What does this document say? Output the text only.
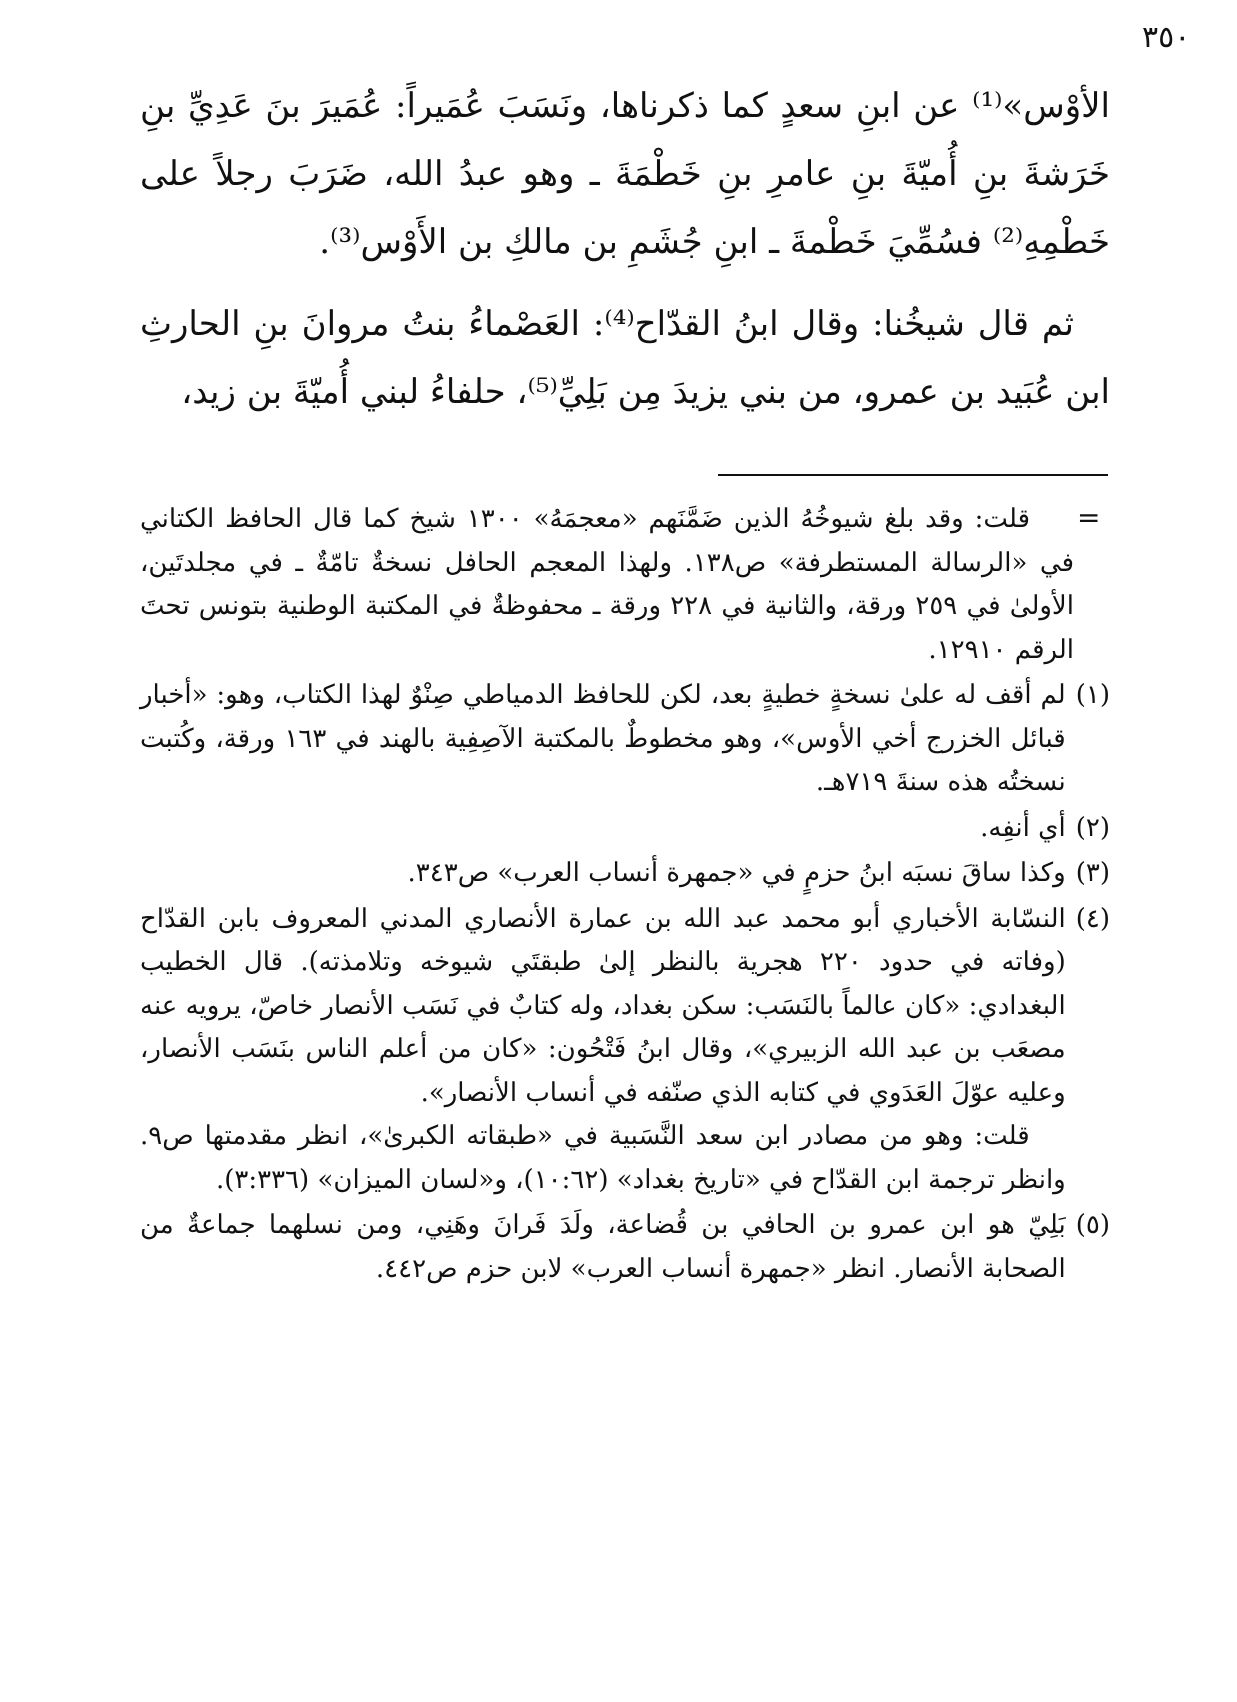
٣٥٠

الأوْس»⁽¹⁾ عن ابنِ سعدٍ كما ذكرناها، ونَسَبَ عُمَيراً: عُمَيرَ بنَ عَدِيِّ بنِ خَرَشةَ بنِ أُميّةَ بنِ عامرِ بنِ خَطْمَةَ ـ وهو عبدُ الله، ضَرَبَ رجلاً على خَطْمِهِ⁽²⁾ فسُمِّيَ خَطْمةَ ـ ابنِ جُشَمِ بن مالكِ بن الأَوْس⁽³⁾.

ثم قال شيخُنا: وقال ابنُ القدّاح⁽⁴⁾: العَصْماءُ بنتُ مروانَ بنِ الحارثِ ابن عُبَيد بن عمرو، من بني يزيدَ مِن بَلِيِّ⁽⁵⁾، حلفاءُ لبني أُميّةَ بن زيد،

=
قلت: وقد بلغ شيوخُهُ الذين ضَمَّنَهم «معجمَهُ» ١٣٠٠ شيخ كما قال الحافظ الكتاني في «الرسالة المستطرفة» ص١٣٨. ولهذا المعجم الحافل نسخةٌ تامّةٌ ـ في مجلدتَين، الأولىٰ في ٢٥٩ ورقة، والثانية في ٢٢٨ ورقة ـ محفوظةٌ في المكتبة الوطنية بتونس تحتَ الرقم ١٢٩١٠.
(١)

لم أقف له علىٰ نسخةٍ خطيةٍ بعد، لكن للحافظ الدمياطي صِنْوٌ لهذا الكتاب، وهو: «أخبار قبائل الخزرج أخي الأوس»، وهو مخطوطٌ بالمكتبة الآصِفِية بالهند في ١٦٣ ورقة، وكُتبت نسختُه هذه سنةَ ٧١٩هـ.

(٢)

أي أنفِه.

(٣)

وكذا ساقَ نسبَه ابنُ حزمٍ في «جمهرة أنساب العرب» ص٣٤٣.

(٤)

النسّابة الأخباري أبو محمد عبد الله بن عمارة الأنصاري المدني المعروف بابن القدّاح (وفاته في حدود ٢٢٠ هجرية بالنظر إلىٰ طبقتَي شيوخه وتلامذته). قال الخطيب البغدادي: «كان عالماً بالنَسَب: سكن بغداد، وله كتابٌ في نَسَب الأنصار خاصّ، يرويه عنه مصعَب بن عبد الله الزبيري»، وقال ابنُ فَتْحُون: «كان من أعلم الناس بنَسَب الأنصار، وعليه عوّلَ العَدَوي في كتابه الذي صنّفه في أنساب الأنصار».

قلت: وهو من مصادر ابن سعد النَّسَبية في «طبقاته الكبرىٰ»، انظر مقدمتها ص٩. وانظر ترجمة ابن القدّاح في «تاريخ بغداد» (١٠:٦٢)، و«لسان الميزان» (٣:٣٣٦).

(٥)

بَلِيّ هو ابن عمرو بن الحافي بن قُضاعة، ولَدَ فَرانَ وهَنِي، ومن نسلهما جماعةٌ من الصحابة الأنصار. انظر «جمهرة أنساب العرب» لابن حزم ص٤٤٢.
